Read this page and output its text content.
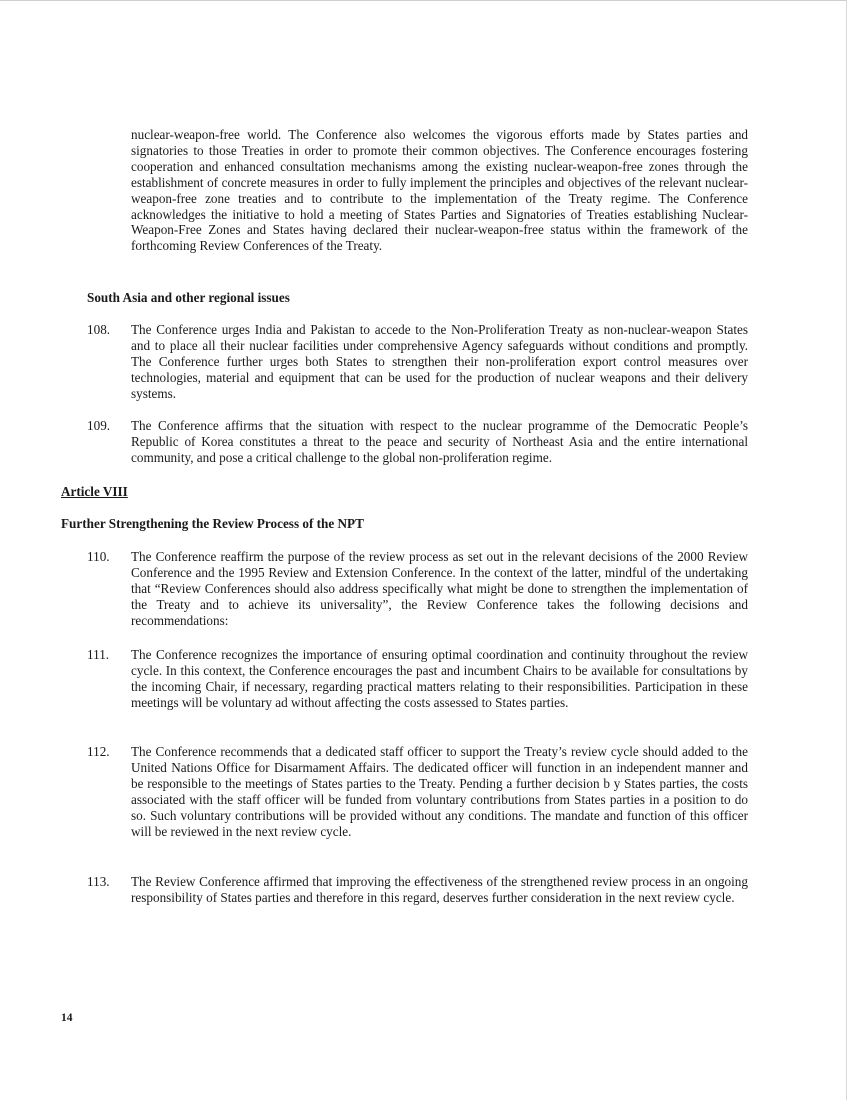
nuclear-weapon-free world. The Conference also welcomes the vigorous efforts made by States parties and signatories to those Treaties in order to promote their common objectives. The Conference encourages fostering cooperation and enhanced consultation mechanisms among the existing nuclear-weapon-free zones through the establishment of concrete measures in order to fully implement the principles and objectives of the relevant nuclear-weapon-free zone treaties and to contribute to the implementation of the Treaty regime. The Conference acknowledges the initiative to hold a meeting of States Parties and Signatories of Treaties establishing Nuclear-Weapon-Free Zones and States having declared their nuclear-weapon-free status within the framework of the forthcoming Review Conferences of the Treaty.

South Asia and other regional issues

108. The Conference urges India and Pakistan to accede to the Non-Proliferation Treaty as non-nuclear-weapon States and to place all their nuclear facilities under comprehensive Agency safeguards without conditions and promptly. The Conference further urges both States to strengthen their non-proliferation export control measures over technologies, material and equipment that can be used for the production of nuclear weapons and their delivery systems.

109. The Conference affirms that the situation with respect to the nuclear programme of the Democratic People’s Republic of Korea constitutes a threat to the peace and security of Northeast Asia and the entire international community, and pose a critical challenge to the global non-proliferation regime.

Article VIII

Further Strengthening the Review Process of the NPT

110. The Conference reaffirm the purpose of the review process as set out in the relevant decisions of the 2000 Review Conference and the 1995 Review and Extension Conference. In the context of the latter, mindful of the undertaking that “Review Conferences should also address specifically what might be done to strengthen the implementation of the Treaty and to achieve its universality”, the Review Conference takes the following decisions and recommendations:

111. The Conference recognizes the importance of ensuring optimal coordination and continuity throughout the review cycle. In this context, the Conference encourages the past and incumbent Chairs to be available for consultations by the incoming Chair, if necessary, regarding practical matters relating to their responsibilities. Participation in these meetings will be voluntary ad without affecting the costs assessed to States parties.

112. The Conference recommends that a dedicated staff officer to support the Treaty’s review cycle should added to the United Nations Office for Disarmament Affairs. The dedicated officer will function in an independent manner and be responsible to the meetings of States parties to the Treaty. Pending a further decision b y States parties, the costs associated with the staff officer will be funded from voluntary contributions from States parties in a position to do so. Such voluntary contributions will be provided without any conditions. The mandate and function of this officer will be reviewed in the next review cycle.

113. The Review Conference affirmed that improving the effectiveness of the strengthened review process in an ongoing responsibility of States parties and therefore in this regard, deserves further consideration in the next review cycle.

14
